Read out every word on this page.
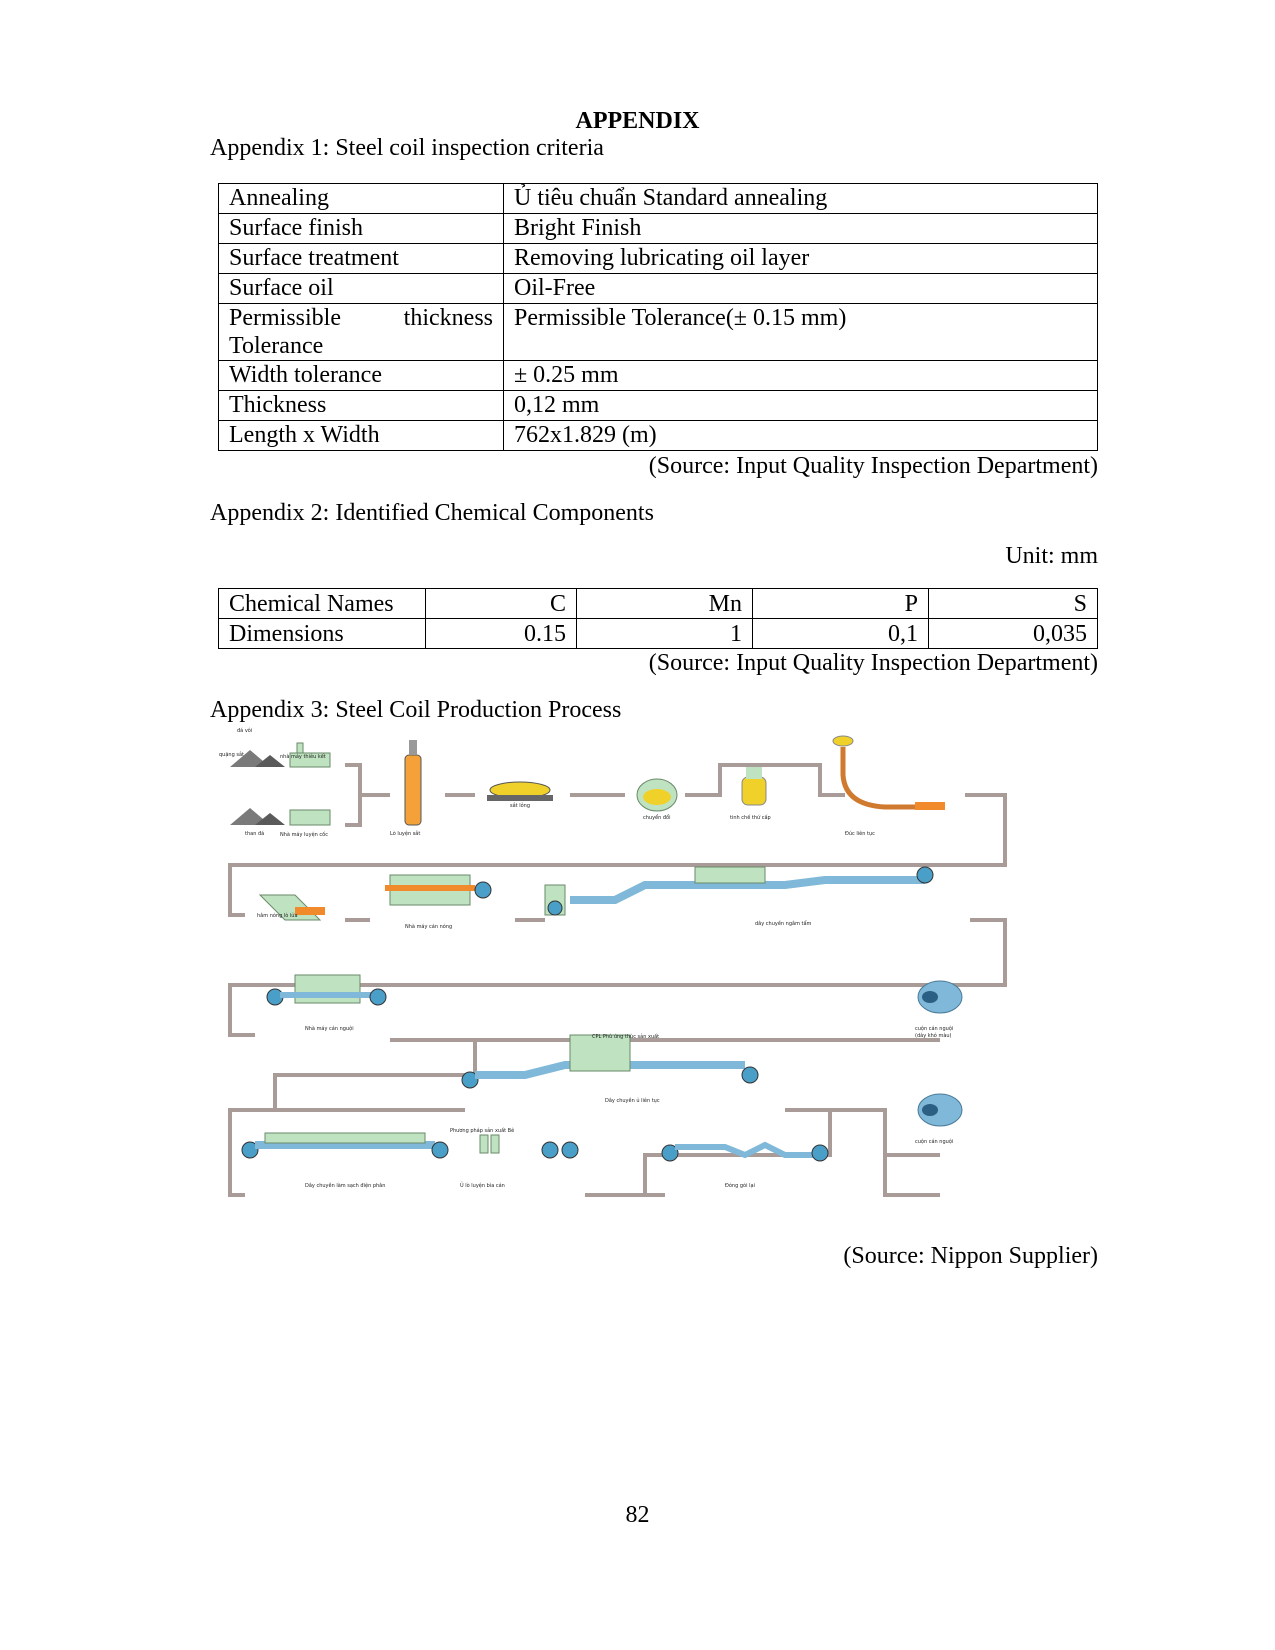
APPENDIX
Appendix 1: Steel coil inspection criteria
Annealing	Ủ tiêu chuẩn Standard annealing
Surface finish	Bright Finish
Surface treatment	Removing lubricating oil layer
Surface oil	Oil-Free

Permissible thickness
Tolerance	Permissible Tolerance(± 0.15 mm)
Width tolerance	± 0.25 mm
Thickness	0,12 mm
Length x Width	762x1.829 (m)
(Source: Input Quality Inspection Department)
Appendix 2: Identified Chemical Components
Unit: mm
Chemical Names	C	Mn	P	S
Dimensions	0.15	1	0,1	0,035
(Source: Input Quality Inspection Department)
Appendix 3: Steel Coil Production Process
đá vôi
quặng sắt	nhà máy thiêu kết
than đá	Nhà máy luyện cốc	Lò luyện sắt
sắt lỏng
chuyển đổi	tinh chế thứ cấp
Đúc liên tục
hâm nóng lò lửa
Nhà máy cán nóng	dây chuyền ngâm tẩm
Nhà máy cán nguội	cuộn cán nguội
(dày khó màu)
CPL Phù ứng thùc sản xuất
Dây chuyền ủ liên tục
cuộn cán nguội
Dây chuyền làm sạch điện phân
Phương pháp sản xuất Bê
Ủ lò luyện bìa cán	Đóng gói lại
(Source: Nippon Supplier)
82
